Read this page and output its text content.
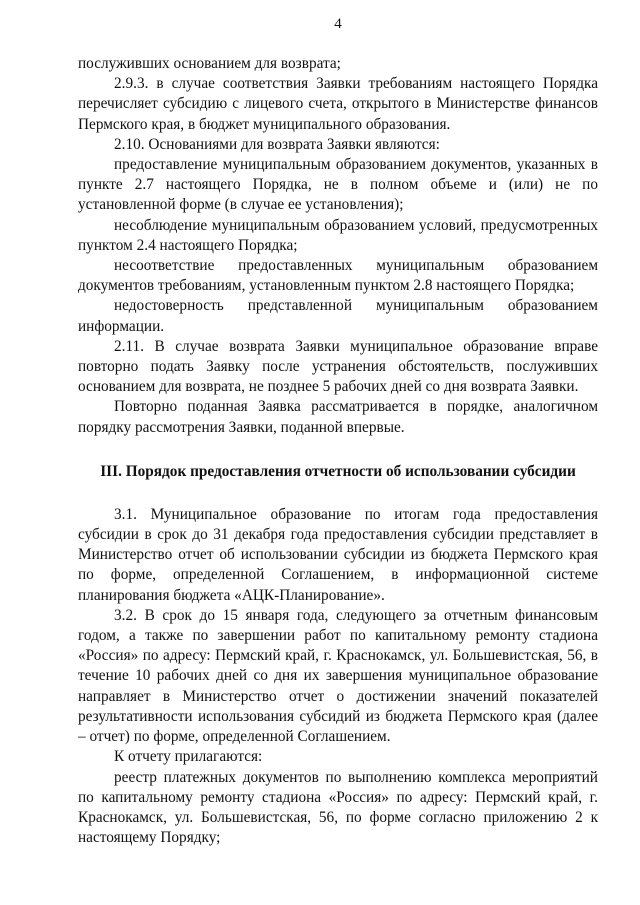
4

послуживших основанием для возврата;

2.9.3. в случае соответствия Заявки требованиям настоящего Порядка перечисляет субсидию с лицевого счета, открытого в Министерстве финансов Пермского края, в бюджет муниципального образования.

2.10. Основаниями для возврата Заявки являются:

предоставление муниципальным образованием документов, указанных в пункте 2.7 настоящего Порядка, не в полном объеме и (или) не по установленной форме (в случае ее установления);

несоблюдение муниципальным образованием условий, предусмотренных пунктом 2.4 настоящего Порядка;

несоответствие предоставленных муниципальным образованием документов требованиям, установленным пунктом 2.8 настоящего Порядка;

недостоверность представленной муниципальным образованием информации.

2.11. В случае возврата Заявки муниципальное образование вправе повторно подать Заявку после устранения обстоятельств, послуживших основанием для возврата, не позднее 5 рабочих дней со дня возврата Заявки.

Повторно поданная Заявка рассматривается в порядке, аналогичном порядку рассмотрения Заявки, поданной впервые.

III. Порядок предоставления отчетности об использовании субсидии

3.1. Муниципальное образование по итогам года предоставления субсидии в срок до 31 декабря года предоставления субсидии представляет в Министерство отчет об использовании субсидии из бюджета Пермского края по форме, определенной Соглашением, в информационной системе планирования бюджета «АЦК-Планирование».

3.2. В срок до 15 января года, следующего за отчетным финансовым годом, а также по завершении работ по капитальному ремонту стадиона «Россия» по адресу: Пермский край, г. Краснокамск, ул. Большевистская, 56, в течение 10 рабочих дней со дня их завершения муниципальное образование направляет в Министерство отчет о достижении значений показателей результативности использования субсидий из бюджета Пермского края (далее – отчет) по форме, определенной Соглашением.

К отчету прилагаются:

реестр платежных документов по выполнению комплекса мероприятий по капитальному ремонту стадиона «Россия» по адресу: Пермский край, г. Краснокамск, ул. Большевистская, 56, по форме согласно приложению 2 к настоящему Порядку;
